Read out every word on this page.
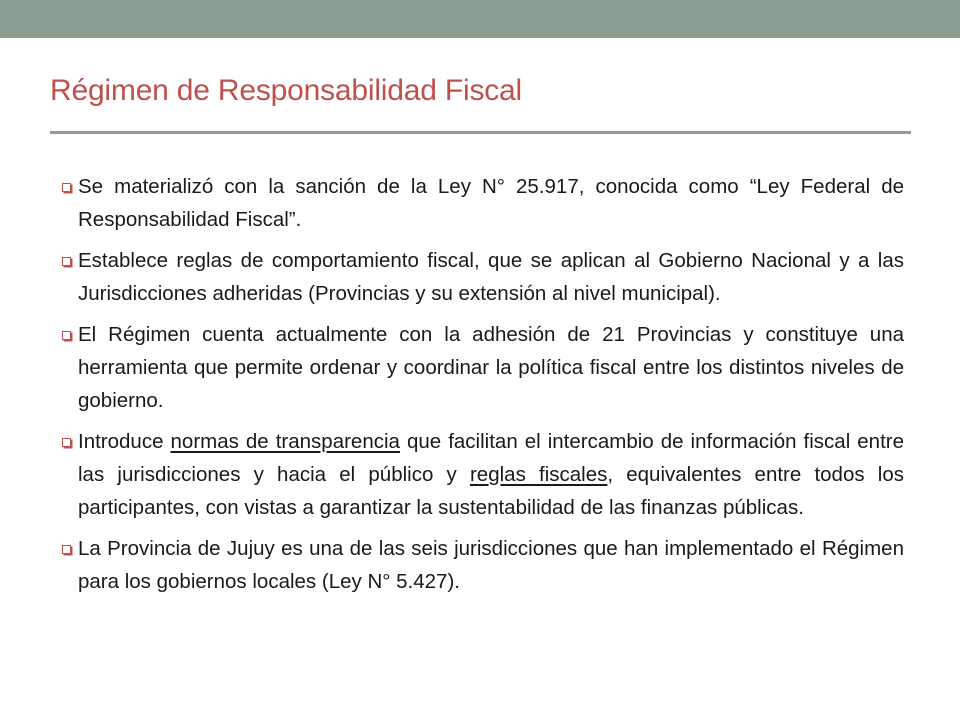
Régimen de Responsabilidad Fiscal
Se materializó con la sanción de la Ley N° 25.917, conocida como “Ley Federal de Responsabilidad Fiscal”.
Establece reglas de comportamiento fiscal, que se aplican al Gobierno Nacional y a las Jurisdicciones adheridas (Provincias y su extensión al nivel municipal).
El Régimen cuenta actualmente con la adhesión de 21 Provincias y constituye una herramienta que permite ordenar y coordinar la política fiscal entre los distintos niveles de gobierno.
Introduce normas de transparencia que facilitan el intercambio de información fiscal entre las jurisdicciones y hacia el público y reglas fiscales, equivalentes entre todos los participantes, con vistas a garantizar la sustentabilidad de las finanzas públicas.
La Provincia de Jujuy es una de las seis jurisdicciones que han implementado el Régimen para los gobiernos locales (Ley N° 5.427).
